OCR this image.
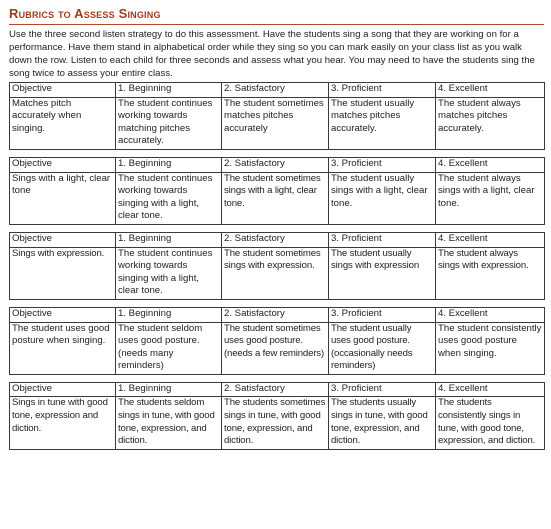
Rubrics to Assess Singing

Use the three second listen strategy to do this assessment. Have the students sing a song that they are working on for a performance. Have them stand in alphabetical order while they sing so you can mark easily on your class list as you walk down the row. Listen to each child for three seconds and assess what you hear. You may need to have the students sing the song twice to assess your entire class.

Objective	1. Beginning	2. Satisfactory	3. Proficient	4. Excellent
Matches pitch accurately when singing.	The student continues working towards matching pitches accurately.	The student sometimes matches pitches accurately	The student usually matches pitches accurately.	The student always matches pitches accurately.
Objective	1. Beginning	2. Satisfactory	3. Proficient	4. Excellent
Sings with a light, clear tone	The student continues working towards singing with a light, clear tone.	The student sometimes sings with a light, clear tone.	The student usually sings with a light, clear tone.	The student always sings with a light, clear tone.
Objective	1. Beginning	2. Satisfactory	3. Proficient	4. Excellent
Sings with expression.	The student continues working towards singing with a light, clear tone.	The student sometimes sings with expression.	The student usually sings with expression	The student always sings with expression.
Objective	1. Beginning	2. Satisfactory	3. Proficient	4. Excellent
The student uses good posture when singing.	The student seldom uses good posture. (needs many reminders)	The student sometimes uses good posture. (needs a few reminders)	The student usually uses good posture. (occasionally needs reminders)	The student consistently uses good posture when singing.
Objective	1. Beginning	2. Satisfactory	3. Proficient	4. Excellent
Sings in tune with good tone, expression and diction.	The students seldom sings in tune, with good tone, expression, and diction.	The students sometimes sings in tune, with good tone, expression, and diction.	The students usually sings in tune, with good tone, expression, and diction.	The students consistently sings in tune, with good tone, expression, and diction.
